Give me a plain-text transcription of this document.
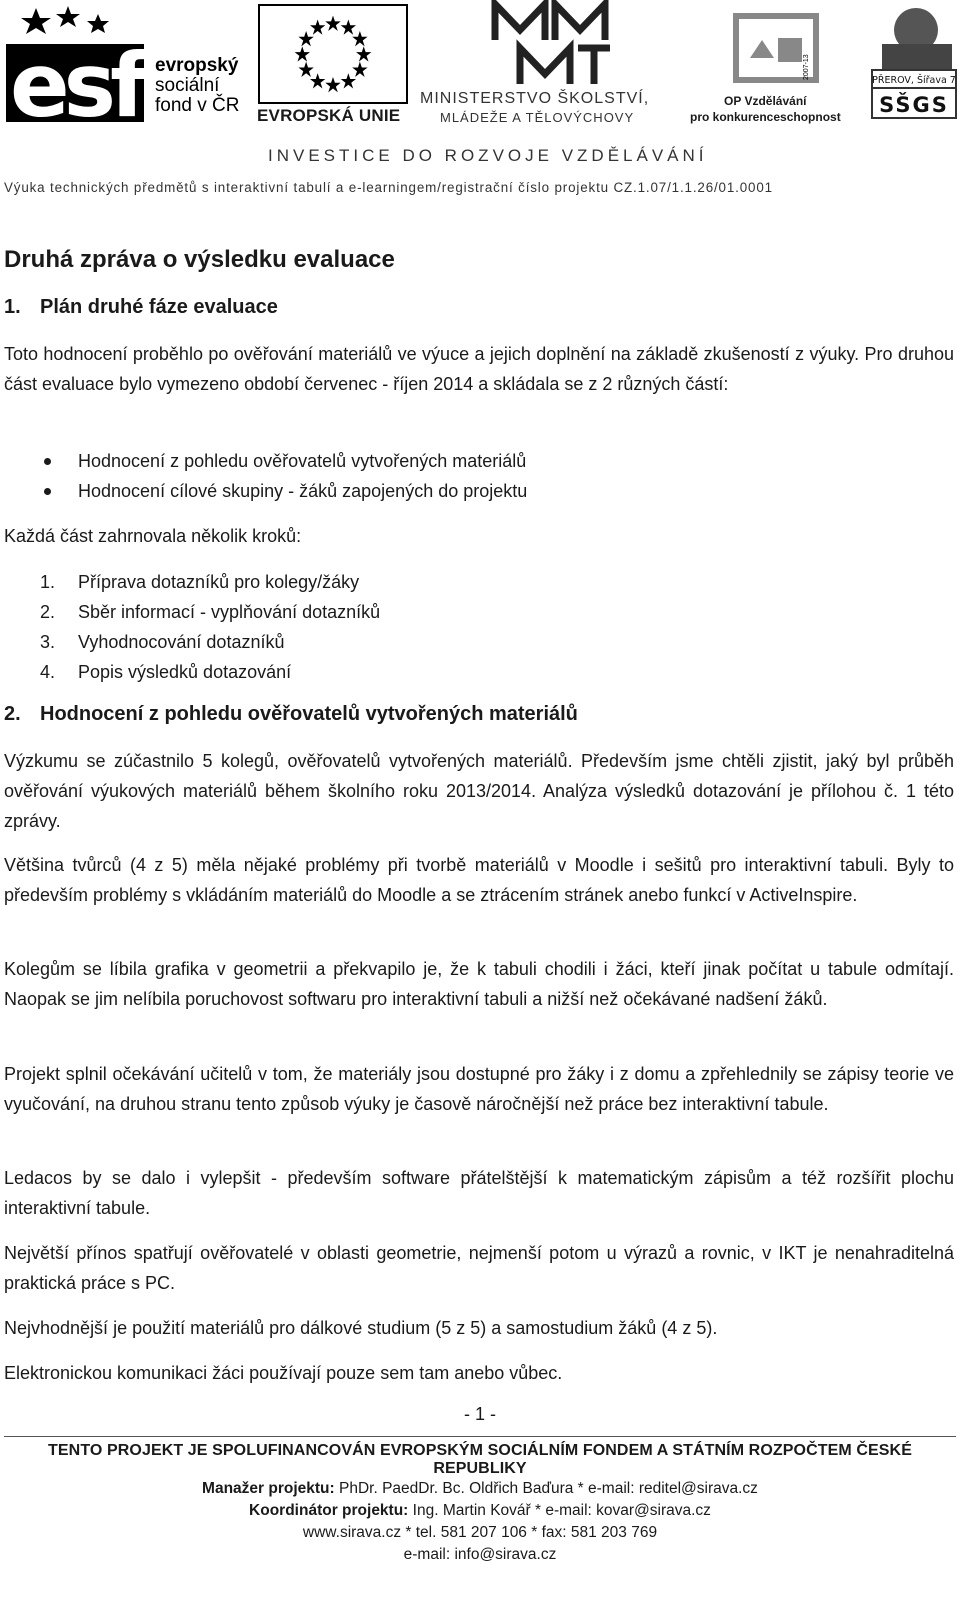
esf evropský
sociální
fond v ČR EVROPSKÁ UNIE
MINISTERSTVO ŠKOLSTVÍ,
MLÁDEŽE A TĚLOVÝCHOVY
2007-13
OP Vzdělávání
pro konkurenceschopnost
PŘEROV, Šířava 7
SŠGS
INVESTICE DO ROZVOJE VZDĚLÁVÁNÍ
Výuka technických předmětů s interaktivní tabulí a e-learningem/registrační číslo projektu CZ.1.07/1.1.26/01.0001
Druhá zpráva o výsledku evaluace
1. Plán druhé fáze evaluace
Toto hodnocení proběhlo po ověřování materiálů ve výuce a jejich doplnění na základě zkušeností z výuky. Pro druhou část evaluace bylo vymezeno období červenec - říjen 2014 a skládala se z 2 různých částí:
Hodnocení z pohledu ověřovatelů vytvořených materiálů
Hodnocení cílové skupiny - žáků zapojených do projektu
Každá část zahrnovala několik kroků:
1. Příprava dotazníků pro kolegy/žáky
2. Sběr informací - vyplňování dotazníků
3. Vyhodnocování dotazníků
4. Popis výsledků dotazování
2. Hodnocení z pohledu ověřovatelů vytvořených materiálů
Výzkumu se zúčastnilo 5 kolegů, ověřovatelů vytvořených materiálů. Především jsme chtěli zjistit, jaký byl průběh ověřování výukových materiálů během školního roku 2013/2014. Analýza výsledků dotazování je přílohou č. 1 této zprávy.
Většina tvůrců (4 z 5) měla nějaké problémy při tvorbě materiálů v Moodle i sešitů pro interaktivní tabuli. Byly to především problémy s vkládáním materiálů do Moodle a se ztrácením stránek anebo funkcí v ActiveInspire.
Kolegům se líbila grafika v geometrii a překvapilo je, že k tabuli chodili i žáci, kteří jinak počítat u tabule odmítají. Naopak se jim nelíbila poruchovost softwaru pro interaktivní tabuli a nižší než očekávané nadšení žáků.
Projekt splnil očekávání učitelů v tom, že materiály jsou dostupné pro žáky i z domu a zpřehlednily se zápisy teorie ve vyučování, na druhou stranu tento způsob výuky je časově náročnější než práce bez interaktivní tabule.
Ledacos by se dalo i vylepšit - především software přátelštější k matematickým zápisům a též rozšířit plochu interaktivní tabule.
Největší přínos spatřují ověřovatelé v oblasti geometrie, nejmenší potom u výrazů a rovnic, v IKT je nenahraditelná praktická práce s PC.
Nejvhodnější je použití materiálů pro dálkové studium (5 z 5) a samostudium žáků (4 z 5).
Elektronickou komunikaci žáci používají pouze sem tam anebo vůbec.
- 1 -
TENTO PROJEKT JE SPOLUFINANCOVÁN EVROPSKÝM SOCIÁLNÍM FONDEM A STÁTNÍM ROZPOČTEM ČESKÉ REPUBLIKY
Manažer projektu: PhDr. PaedDr. Bc. Oldřich Baďura * e-mail: reditel@sirava.cz
Koordinátor projektu: Ing. Martin Kovář * e-mail: kovar@sirava.cz
www.sirava.cz * tel. 581 207 106 * fax: 581 203 769
e-mail: info@sirava.cz
